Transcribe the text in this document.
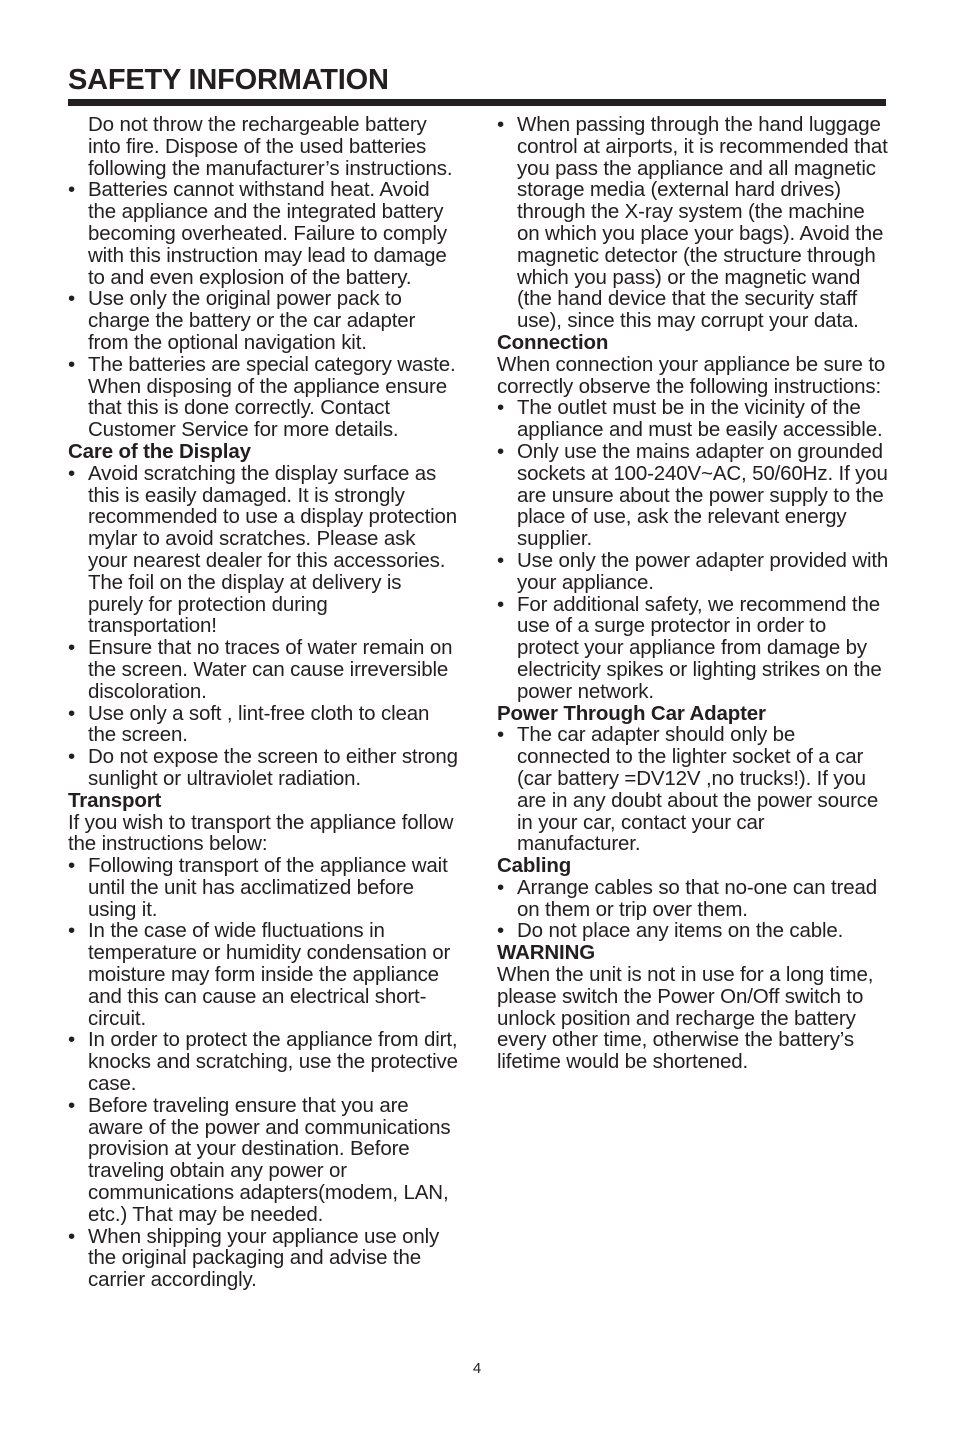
SAFETY INFORMATION

Do not throw the rechargeable battery into fire. Dispose of the used batteries following the manufacturer’s instructions.

• Batteries cannot withstand heat. Avoid the appliance and the integrated battery becoming overheated. Failure to comply with this instruction may lead to damage to and even explosion of the battery.
• Use only the original power pack to charge the battery or the car adapter from the optional navigation kit.
• The batteries are special category waste. When disposing of the appliance ensure that this is done correctly. Contact Customer Service for more details.

Care of the Display

• Avoid scratching the display surface as this is easily damaged. It is strongly recommended to use a display protection mylar to avoid scratches. Please ask your nearest dealer for this accessories. The foil on the display at delivery is purely for protection during transportation!
• Ensure that no traces of water remain on the screen. Water can cause irreversible discoloration.
• Use only a soft , lint-free cloth to clean the screen.
• Do not expose the screen to either strong sunlight or ultraviolet radiation.

Transport

If you wish to transport the appliance follow the instructions below:

• Following transport of the appliance wait until the unit has acclimatized before using it.
• In the case of wide fluctuations in temperature or humidity condensation or moisture may form inside the appliance and this can cause an electrical short-circuit.
• In order to protect the appliance from dirt, knocks and scratching, use the protective case.
• Before traveling ensure that you are aware of the power and communications provision at your destination. Before traveling obtain any power or communications adapters(modem, LAN, etc.) That may be needed.
• When shipping your appliance use only the original packaging and advise the carrier accordingly.
• When passing through the hand luggage control at airports, it is recommended that you pass the appliance and all magnetic storage media (external hard drives) through the X-ray system (the machine on which you place your bags). Avoid the magnetic detector (the structure through which you pass) or the magnetic wand (the hand device that the security staff use), since this may corrupt your data.

Connection

When connection your appliance be sure to correctly observe the following instructions:

• The outlet must be in the vicinity of the appliance and must be easily accessible.
• Only use the mains adapter on grounded sockets at 100-240V~AC, 50/60Hz. If you are unsure about the power supply to the place of use, ask the relevant energy supplier.
• Use only the power adapter provided with your appliance.
• For additional safety, we recommend the use of a surge protector in order to protect your appliance from damage by electricity spikes or lighting strikes on the power network.

Power Through Car Adapter

• The car adapter should only be connected to the lighter socket of a car (car battery =DV12V ,no trucks!). If you are in any doubt about the power source in your car, contact your car manufacturer.

Cabling

• Arrange cables so that no-one can tread on them or trip over them.
• Do not place any items on the cable.

WARNING

When the unit is not in use for a long time, please switch the Power On/Off switch to unlock position and recharge the battery every other time, otherwise the battery’s lifetime would be shortened.

4
